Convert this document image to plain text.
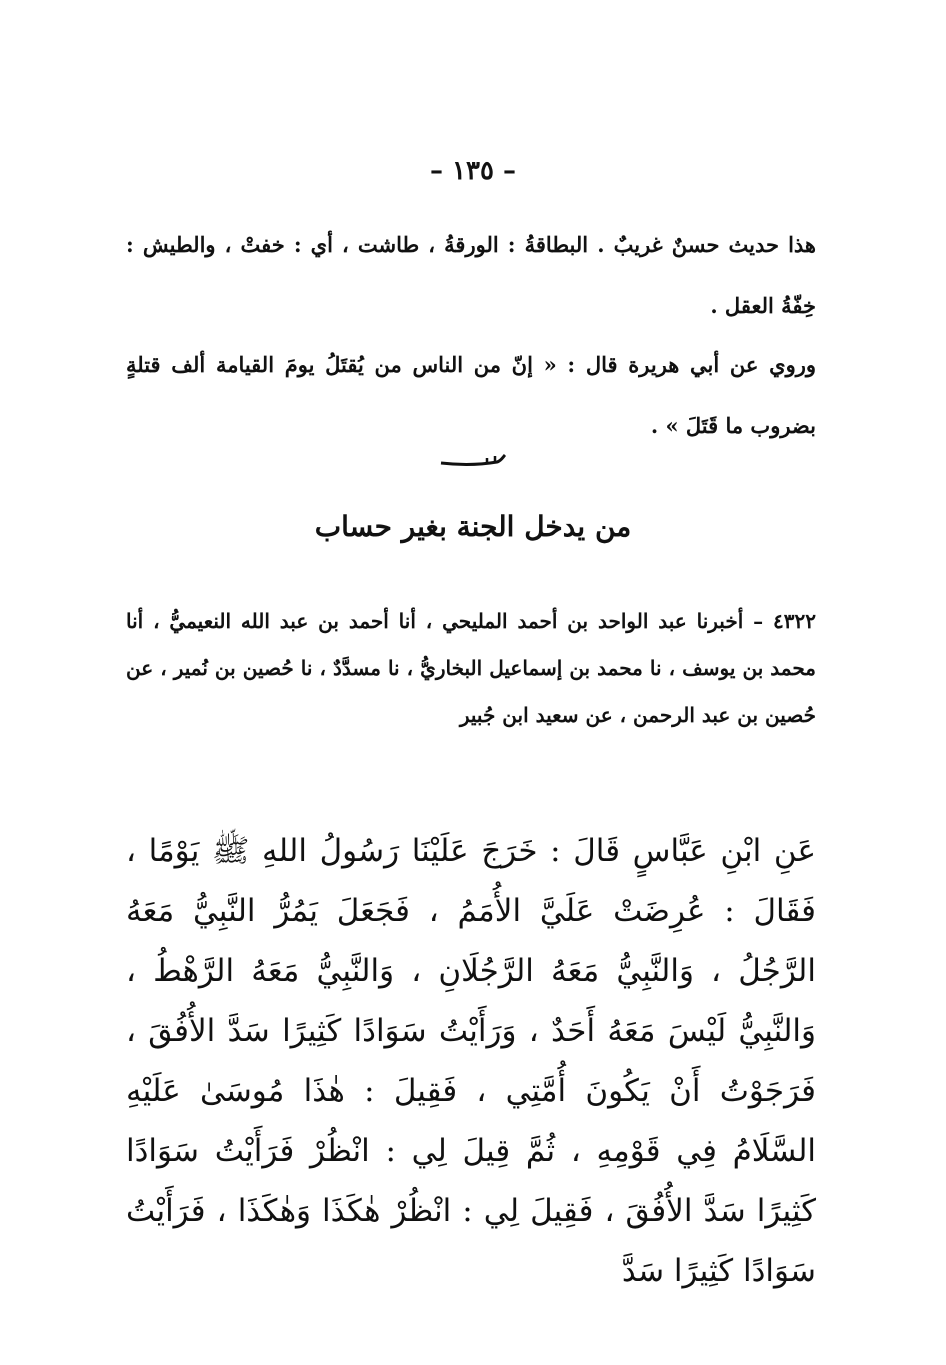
– ١٣٥ –

هذا حديث حسنٌ غريبٌ . البطاقةُ : الورقةُ ، طاشت ، أي : خفتْ ، والطيش : خِفّةُ العقل .

وروي عن أبي هريرة قال : « إنّ من الناس من يُقتَلُ يومَ القيامة ألف قتلةٍ بضروب ما قَتَلَ » .

من يدخل الجنة بغير حساب

٤٣٢٢ – أخبرنا عبد الواحد بن أحمد المليحي ، أنا أحمد بن عبد الله النعيميُّ ، أنا محمد بن يوسف ، نا محمد بن إسماعيل البخاريُّ ، نا مسدَّدٌ ، نا حُصين بن نُمير ، عن حُصين بن عبد الرحمن ، عن سعيد ابن جُبير

عَنِ ابْنِ عَبَّاسٍ قَالَ : خَرَجَ عَلَيْنَا رَسُولُ اللهِ ﷺ يَوْمًا ، فَقَالَ : عُرِضَتْ عَلَيَّ الأُمَمُ ، فَجَعَلَ يَمُرُّ النَّبِيُّ مَعَهُ الرَّجُلُ ، وَالنَّبِيُّ مَعَهُ الرَّجُلَانِ ، وَالنَّبِيُّ مَعَهُ الرَّهْطُ ، وَالنَّبِيُّ لَيْسَ مَعَهُ أَحَدٌ ، وَرَأَيْتُ سَوَادًا كَثِيرًا سَدَّ الأُفُقَ ، فَرَجَوْتُ أَنْ يَكُونَ أُمَّتِي ، فَقِيلَ : هٰذَا مُوسَىٰ عَلَيْهِ السَّلَامُ فِي قَوْمِهِ ، ثُمَّ قِيلَ لِي : انْظُرْ فَرَأَيْتُ سَوَادًا كَثِيرًا سَدَّ الأُفُقَ ، فَقِيلَ لِي : انْظُرْ هٰكَذَا وَهٰكَذَا ، فَرَأَيْتُ سَوَادًا كَثِيرًا سَدَّ
